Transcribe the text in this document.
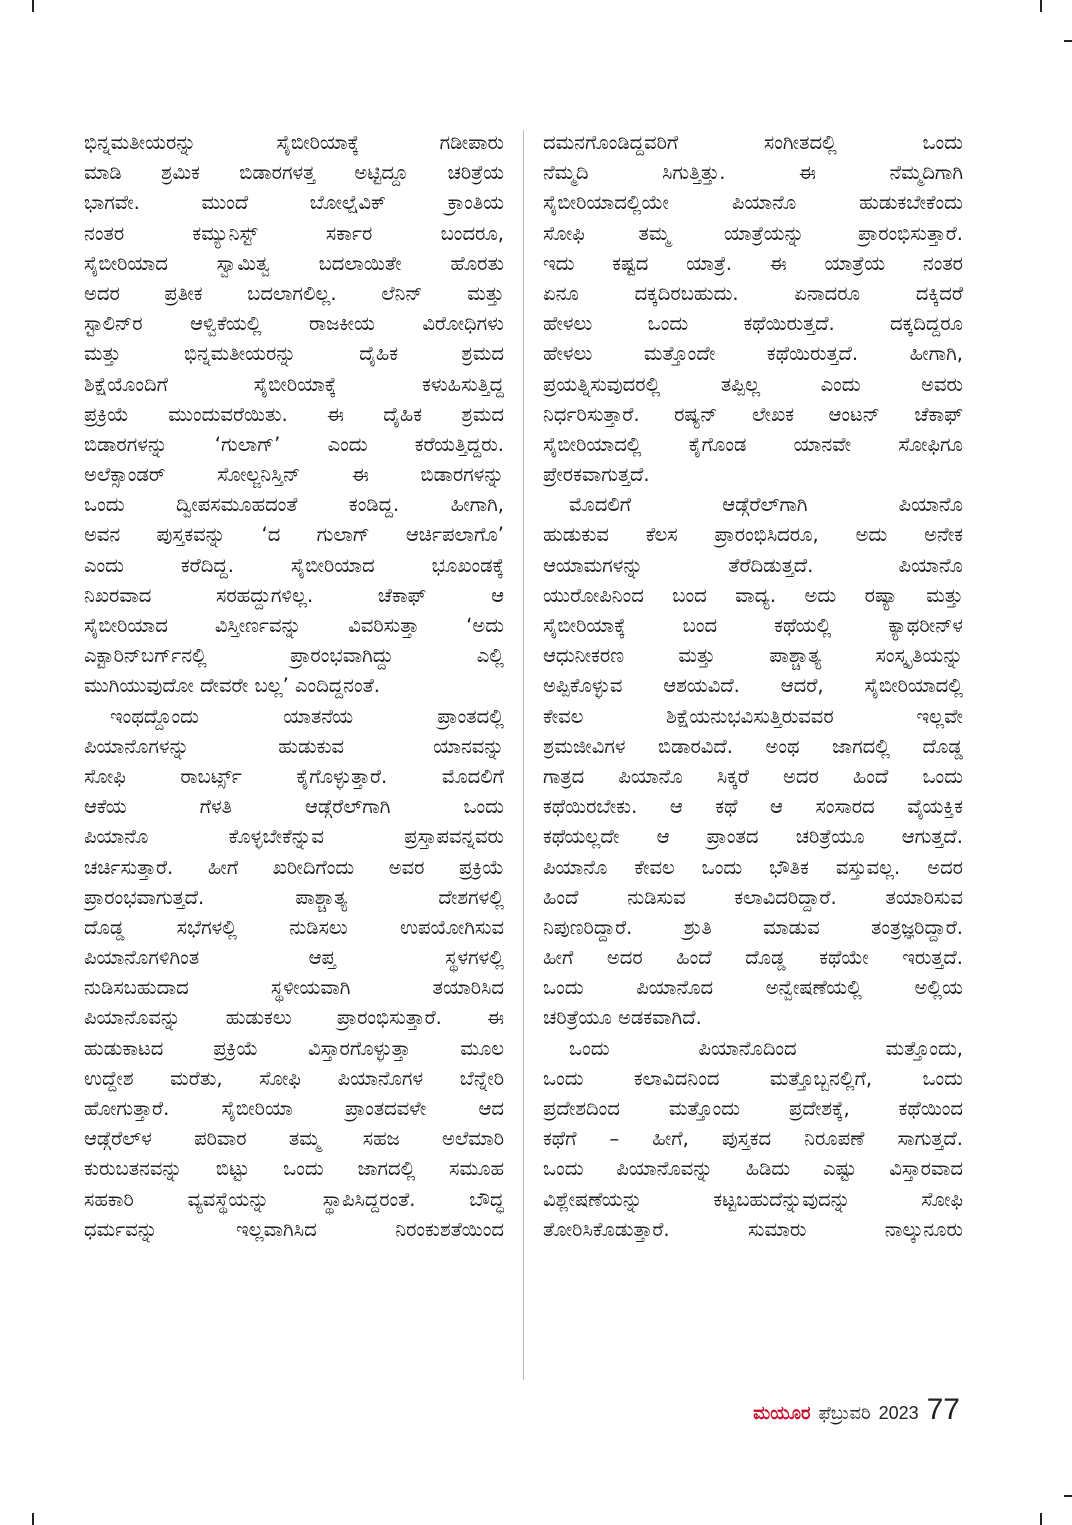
ಭಿನ್ನಮತೀಯರನ್ನು ಸೈಬೀರಿಯಾಕ್ಕೆ ಗಡೀಪಾರು
ಮಾಡಿ ಶ್ರಮಿಕ ಬಿಡಾರಗಳತ್ತ ಅಟ್ಟಿದ್ದೂ ಚರಿತ್ರೆಯ
ಭಾಗವೇ. ಮುಂದೆ ಬೋಲ್ಷೆವಿಕ್ ಕ್ರಾಂತಿಯ
ನಂತರ ಕಮ್ಯುನಿಸ್ಟ್ ಸರ್ಕಾರ ಬಂದರೂ,
ಸೈಬೀರಿಯಾದ ಸ್ವಾಮಿತ್ವ ಬದಲಾಯಿತೇ ಹೊರತು
ಅದರ ಪ್ರತೀಕ ಬದಲಾಗಲಿಲ್ಲ. ಲೆನಿನ್ ಮತ್ತು
ಸ್ಟಾಲಿನ್‌ರ ಆಳ್ವಿಕೆಯಲ್ಲಿ ರಾಜಕೀಯ ವಿರೋಧಿಗಳು
ಮತ್ತು ಭಿನ್ನಮತೀಯರನ್ನು ದೈಹಿಕ ಶ್ರಮದ
ಶಿಕ್ಷೆಯೊಂದಿಗೆ ಸೈಬೀರಿಯಾಕ್ಕೆ ಕಳುಹಿಸುತ್ತಿದ್ದ
ಪ್ರಕ್ರಿಯೆ ಮುಂದುವರೆಯಿತು. ಈ ದೈಹಿಕ ಶ್ರಮದ
ಬಿಡಾರಗಳನ್ನು ‘ಗುಲಾಗ್’ ಎಂದು ಕರೆಯತ್ತಿದ್ದರು.
ಅಲೆಕ್ಸಾಂಡರ್ ಸೋಲ್ಜನಿಸ್ತಿನ್ ಈ ಬಿಡಾರಗಳನ್ನು
ಒಂದು ದ್ವೀಪಸಮೂಹದಂತೆ ಕಂಡಿದ್ದ. ಹೀಗಾಗಿ,
ಅವನ ಪುಸ್ತಕವನ್ನು ‘ದ ಗುಲಾಗ್ ಆರ್ಚಿಪಲಾಗೊ’
ಎಂದು ಕರೆದಿದ್ದ. ಸೈಬೀರಿಯಾದ ಭೂಖಂಡಕ್ಕೆ
ನಿಖರವಾದ ಸರಹದ್ದುಗಳಿಲ್ಲ. ಚೆಕಾಫ್ ಆ
ಸೈಬೀರಿಯಾದ ವಿಸ್ತೀರ್ಣವನ್ನು ವಿವರಿಸುತ್ತಾ ‘ಅದು
ಎಕ್ಟಾರಿನ್‌ಬರ್ಗ್‌ನಲ್ಲಿ ಪ್ರಾರಂಭವಾಗಿದ್ದು ಎಲ್ಲಿ
ಮುಗಿಯುವುದೋ ದೇವರೇ ಬಲ್ಲ’ ಎಂದಿದ್ದನಂತೆ.
ಇಂಥದ್ದೊಂದು ಯಾತನೆಯ ಪ್ರಾಂತದಲ್ಲಿ
ಪಿಯಾನೊಗಳನ್ನು ಹುಡುಕುವ ಯಾನವನ್ನು
ಸೋಫಿ ರಾಬರ್ಟ್ಸ್ ಕೈಗೊಳ್ಳುತ್ತಾರೆ. ಮೊದಲಿಗೆ
ಆಕೆಯ ಗೆಳತಿ ಆಡ್ಗೆರೆಲ್‌ಗಾಗಿ ಒಂದು
ಪಿಯಾನೊ ಕೊಳ್ಳಬೇಕೆನ್ನುವ ಪ್ರಸ್ತಾಪವನ್ನವರು
ಚರ್ಚಿಸುತ್ತಾರೆ. ಹೀಗೆ ಖರೀದಿಗೆಂದು ಅವರ ಪ್ರಕ್ರಿಯೆ
ಪ್ರಾರಂಭವಾಗುತ್ತದೆ. ಪಾಶ್ಚಾತ್ಯ ದೇಶಗಳಲ್ಲಿ
ದೊಡ್ಡ ಸಭೆಗಳಲ್ಲಿ ನುಡಿಸಲು ಉಪಯೋಗಿಸುವ
ಪಿಯಾನೊಗಳಿಗಿಂತ ಆಪ್ತ ಸ್ಥಳಗಳಲ್ಲಿ
ನುಡಿಸಬಹುದಾದ ಸ್ಥಳೀಯವಾಗಿ ತಯಾರಿಸಿದ
ಪಿಯಾನೊವನ್ನು ಹುಡುಕಲು ಪ್ರಾರಂಭಿಸುತ್ತಾರೆ. ಈ
ಹುಡುಕಾಟದ ಪ್ರಕ್ರಿಯೆ ವಿಸ್ತಾರಗೊಳ್ಳುತ್ತಾ ಮೂಲ
ಉದ್ದೇಶ ಮರೆತು, ಸೋಫಿ ಪಿಯಾನೊಗಳ ಬೆನ್ನೇರಿ
ಹೋಗುತ್ತಾರೆ. ಸೈಬೀರಿಯಾ ಪ್ರಾಂತದವಳೇ ಆದ
ಆಡ್ಗೆರೆಲ್‌ಳ ಪರಿವಾರ ತಮ್ಮ ಸಹಜ ಅಲೆಮಾರಿ
ಕುರುಬತನವನ್ನು ಬಿಟ್ಟು ಒಂದು ಜಾಗದಲ್ಲಿ ಸಮೂಹ
ಸಹಕಾರಿ ವ್ಯವಸ್ಥೆಯನ್ನು ಸ್ಥಾಪಿಸಿದ್ದರಂತೆ. ಬೌದ್ಧ
ಧರ್ಮವನ್ನು ಇಲ್ಲವಾಗಿಸಿದ ನಿರಂಕುಶತೆಯಿಂದ
ದಮನಗೊಂಡಿದ್ದವರಿಗೆ ಸಂಗೀತದಲ್ಲಿ ಒಂದು
ನೆಮ್ಮದಿ ಸಿಗುತ್ತಿತ್ತು. ಈ ನೆಮ್ಮದಿಗಾಗಿ
ಸೈಬೀರಿಯಾದಲ್ಲಿಯೇ ಪಿಯಾನೊ ಹುಡುಕಬೇಕೆಂದು
ಸೋಫಿ ತಮ್ಮ ಯಾತ್ರೆಯನ್ನು ಪ್ರಾರಂಭಿಸುತ್ತಾರೆ.
ಇದು ಕಷ್ಟದ ಯಾತ್ರೆ. ಈ ಯಾತ್ರೆಯ ನಂತರ
ಏನೂ ದಕ್ಕದಿರಬಹುದು. ಏನಾದರೂ ದಕ್ಕಿದರೆ
ಹೇಳಲು ಒಂದು ಕಥೆಯಿರುತ್ತದೆ. ದಕ್ಕದಿದ್ದರೂ
ಹೇಳಲು ಮತ್ತೊಂದೇ ಕಥೆಯಿರುತ್ತದೆ. ಹೀಗಾಗಿ,
ಪ್ರಯತ್ನಿಸುವುದರಲ್ಲಿ ತಪ್ಪಿಲ್ಲ ಎಂದು ಅವರು
ನಿರ್ಧರಿಸುತ್ತಾರೆ. ರಷ್ಯನ್ ಲೇಖಕ ಆಂಟನ್ ಚೆಕಾಫ್
ಸೈಬೀರಿಯಾದಲ್ಲಿ ಕೈಗೊಂಡ ಯಾನವೇ ಸೋಫಿಗೂ
ಪ್ರೇರಕವಾಗುತ್ತದೆ.
ಮೊದಲಿಗೆ ಆಡ್ಗೆರೆಲ್‌ಗಾಗಿ ಪಿಯಾನೊ
ಹುಡುಕುವ ಕೆಲಸ ಪ್ರಾರಂಭಿಸಿದರೂ, ಅದು ಅನೇಕ
ಆಯಾಮಗಳನ್ನು ತೆರೆದಿಡುತ್ತದೆ. ಪಿಯಾನೊ
ಯುರೋಪಿನಿಂದ ಬಂದ ವಾದ್ಯ. ಅದು ರಷ್ಯಾ ಮತ್ತು
ಸೈಬೀರಿಯಾಕ್ಕೆ ಬಂದ ಕಥೆಯಲ್ಲಿ ಕ್ಯಾಥರೀನ್‌ಳ
ಆಧುನೀಕರಣ ಮತ್ತು ಪಾಶ್ಚಾತ್ಯ ಸಂಸ್ಕೃತಿಯನ್ನು
ಅಪ್ಪಿಕೊಳ್ಳುವ ಆಶಯವಿದೆ. ಆದರೆ, ಸೈಬೀರಿಯಾದಲ್ಲಿ
ಕೇವಲ ಶಿಕ್ಷೆಯನುಭವಿಸುತ್ತಿರುವವರ ಇಲ್ಲವೇ
ಶ್ರಮಜೀವಿಗಳ ಬಿಡಾರವಿದೆ. ಅಂಥ ಜಾಗದಲ್ಲಿ ದೊಡ್ಡ
ಗಾತ್ರದ ಪಿಯಾನೊ ಸಿಕ್ಕರೆ ಅದರ ಹಿಂದೆ ಒಂದು
ಕಥೆಯಿರಬೇಕು. ಆ ಕಥೆ ಆ ಸಂಸಾರದ ವೈಯಕ್ತಿಕ
ಕಥೆಯಲ್ಲದೇ ಆ ಪ್ರಾಂತದ ಚರಿತ್ರೆಯೂ ಆಗುತ್ತದೆ.
ಪಿಯಾನೊ ಕೇವಲ ಒಂದು ಭೌತಿಕ ವಸ್ತುವಲ್ಲ. ಅದರ
ಹಿಂದೆ ನುಡಿಸುವ ಕಲಾವಿದರಿದ್ದಾರೆ. ತಯಾರಿಸುವ
ನಿಪುಣರಿದ್ದಾರೆ. ಶ್ರುತಿ ಮಾಡುವ ತಂತ್ರಜ್ಞರಿದ್ದಾರೆ.
ಹೀಗೆ ಅದರ ಹಿಂದೆ ದೊಡ್ಡ ಕಥೆಯೇ ಇರುತ್ತದೆ.
ಒಂದು ಪಿಯಾನೊದ ಅನ್ವೇಷಣೆಯಲ್ಲಿ ಅಲ್ಲಿಯ
ಚರಿತ್ರೆಯೂ ಅಡಕವಾಗಿದೆ.
ಒಂದು ಪಿಯಾನೊದಿಂದ ಮತ್ತೊಂದು,
ಒಂದು ಕಲಾವಿದನಿಂದ ಮತ್ತೊಬ್ಬನಲ್ಲಿಗೆ, ಒಂದು
ಪ್ರದೇಶದಿಂದ ಮತ್ತೊಂದು ಪ್ರದೇಶಕ್ಕೆ, ಕಥೆಯಿಂದ
ಕಥೆಗೆ – ಹೀಗೆ, ಪುಸ್ತಕದ ನಿರೂಪಣೆ ಸಾಗುತ್ತದೆ.
ಒಂದು ಪಿಯಾನೊವನ್ನು ಹಿಡಿದು ಎಷ್ಟು ವಿಸ್ತಾರವಾದ
ವಿಶ್ಲೇಷಣೆಯನ್ನು ಕಟ್ಟಬಹುದೆನ್ನುವುದನ್ನು ಸೋಫಿ
ತೋರಿಸಿಕೊಡುತ್ತಾರೆ. ಸುಮಾರು ನಾಲ್ಕುನೂರು
ಮಯೂರ ಫೆಬ್ರುವರಿ 2023 77
